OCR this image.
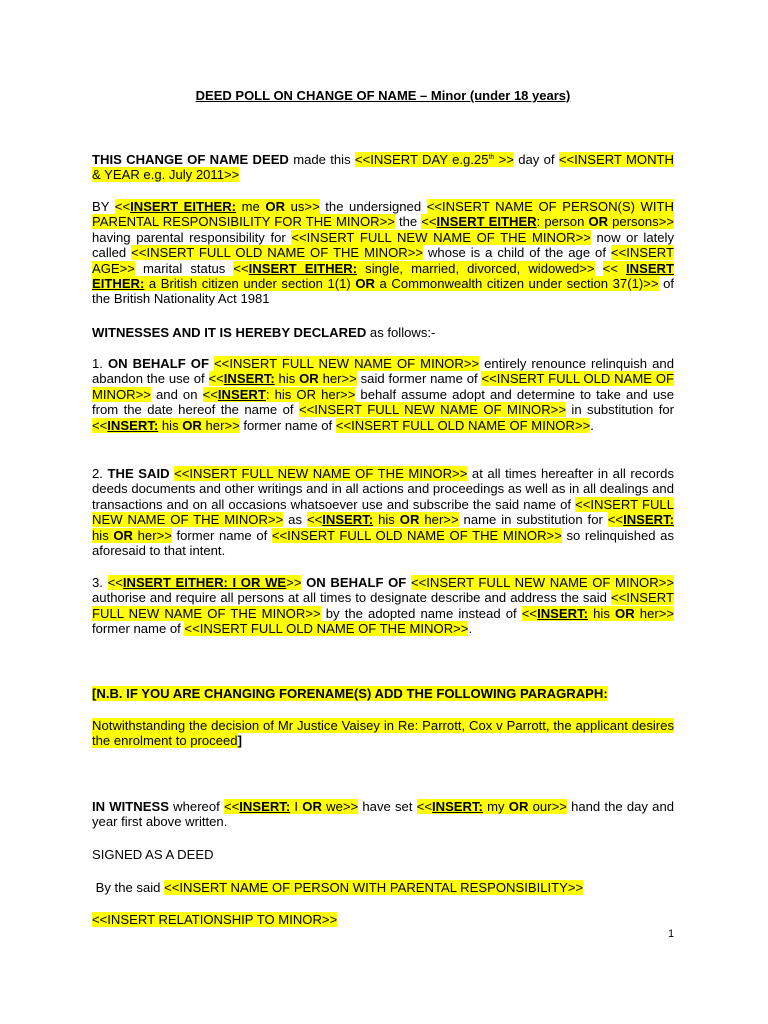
DEED POLL ON CHANGE OF NAME – Minor (under 18 years)

THIS CHANGE OF NAME DEED made this <<INSERT DAY e.g.25th >> day of <<INSERT MONTH & YEAR e.g. July 2011>>

BY <<INSERT EITHER: me OR us>> the undersigned <<INSERT NAME OF PERSON(S) WITH PARENTAL RESPONSIBILITY FOR THE MINOR>> the <<INSERT EITHER: person OR persons>> having parental responsibility for <<INSERT FULL NEW NAME OF THE MINOR>> now or lately called <<INSERT FULL OLD NAME OF THE MINOR>> whose is a child of the age of <<INSERT AGE>> marital status <<INSERT EITHER: single, married, divorced, widowed>> << INSERT EITHER: a British citizen under section 1(1) OR a Commonwealth citizen under section 37(1)>> of the British Nationality Act 1981

WITNESSES AND IT IS HEREBY DECLARED as follows:-

1. ON BEHALF OF <<INSERT FULL NEW NAME OF MINOR>> entirely renounce relinquish and abandon the use of <<INSERT: his OR her>> said former name of <<INSERT FULL OLD NAME OF MINOR>> and on <<INSERT: his OR her>> behalf assume adopt and determine to take and use from the date hereof the name of <<INSERT FULL NEW NAME OF MINOR>> in substitution for <<INSERT: his OR her>> former name of <<INSERT FULL OLD NAME OF MINOR>>.

2. THE SAID <<INSERT FULL NEW NAME OF THE MINOR>> at all times hereafter in all records deeds documents and other writings and in all actions and proceedings as well as in all dealings and transactions and on all occasions whatsoever use and subscribe the said name of <<INSERT FULL NEW NAME OF THE MINOR>> as <<INSERT: his OR her>> name in substitution for <<INSERT: his OR her>> former name of <<INSERT FULL OLD NAME OF THE MINOR>> so relinquished as aforesaid to that intent.

3. <<INSERT EITHER: I OR WE>> ON BEHALF OF <<INSERT FULL NEW NAME OF MINOR>> authorise and require all persons at all times to designate describe and address the said <<INSERT FULL NEW NAME OF THE MINOR>> by the adopted name instead of <<INSERT: his OR her>> former name of <<INSERT FULL OLD NAME OF THE MINOR>>.

[N.B. IF YOU ARE CHANGING FORENAME(S) ADD THE FOLLOWING PARAGRAPH:

Notwithstanding the decision of Mr Justice Vaisey in Re: Parrott, Cox v Parrott, the applicant desires the enrolment to proceed]

IN WITNESS whereof <<INSERT: I OR we>> have set <<INSERT: my OR our>> hand the day and year first above written.

SIGNED AS A DEED

By the said <<INSERT NAME OF PERSON WITH PARENTAL RESPONSIBILITY>>

<<INSERT RELATIONSHIP TO MINOR>>

1
